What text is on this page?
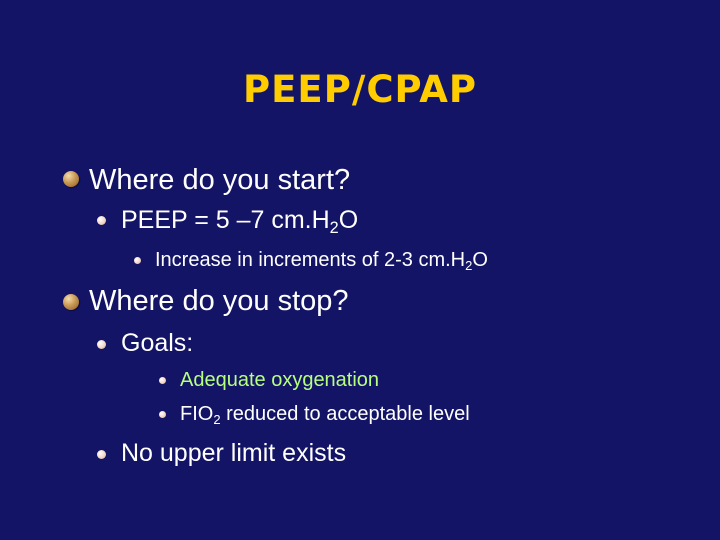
PEEP/CPAP
Where do you start?
PEEP = 5 –7 $cm.H_2O$
Increase in increments of 2-3 $cm.H_2O$
Where do you stop?
Goals:
Adequate oxygenation
$FIO_2$ reduced to acceptable level
No upper limit exists
